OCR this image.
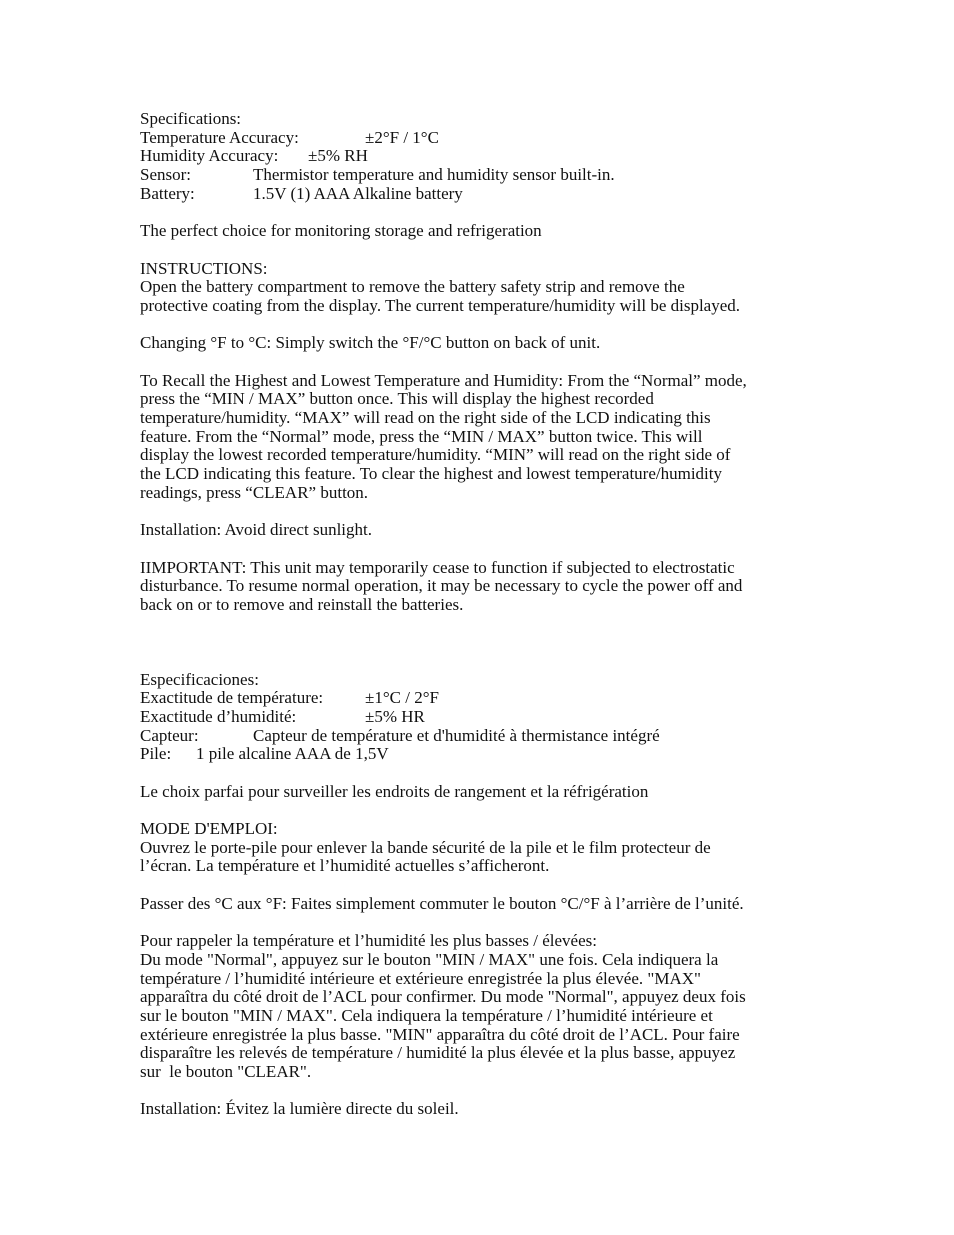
Specifications:
Temperature Accuracy:	±2°F / 1°C
Humidity Accuracy: ±5% RH
Sensor:	Thermistor temperature and humidity sensor built-in.
Battery:	1.5V (1) AAA Alkaline battery
The perfect choice for monitoring storage and refrigeration
INSTRUCTIONS:
Open the battery compartment to remove the battery safety strip and remove the
protective coating from the display. The current temperature/humidity will be displayed.
Changing °F to °C: Simply switch the °F/°C button on back of unit.
To Recall the Highest and Lowest Temperature and Humidity: From the “Normal” mode,
press the “MIN / MAX” button once. This will display the highest recorded
temperature/humidity. “MAX” will read on the right side of the LCD indicating this
feature. From the “Normal” mode, press the “MIN / MAX” button twice. This will
display the lowest recorded temperature/humidity. “MIN” will read on the right side of
the LCD indicating this feature. To clear the highest and lowest temperature/humidity
readings, press “CLEAR” button.
Installation: Avoid direct sunlight.
IIMPORTANT: This unit may temporarily cease to function if subjected to electrostatic
disturbance. To resume normal operation, it may be necessary to cycle the power off and
back on or to remove and reinstall the batteries.
Especificaciones:
Exactitude de température: ±1°C / 2°F
Exactitude d’humidité:	±5% HR
Capteur:	Capteur de température et d'humidité à thermistance intégré
Pile: 1 pile alcaline AAA de 1,5V
Le choix parfai pour surveiller les endroits de rangement et la réfrigération
MODE D'EMPLOI:
Ouvrez le porte-pile pour enlever la bande sécurité de la pile et le film protecteur de
l’écran. La température et l’humidité actuelles s’afficheront.
Passer des °C aux °F: Faites simplement commuter le bouton °C/°F à l’arrière de l’unité.
Pour rappeler la température et l’humidité les plus basses / élevées:
Du mode "Normal", appuyez sur le bouton "MIN / MAX" une fois. Cela indiquera la
température / l’humidité intérieure et extérieure enregistrée la plus élevée. "MAX"
apparaîtra du côté droit de l’ACL pour confirmer. Du mode "Normal", appuyez deux fois
sur le bouton "MIN / MAX". Cela indiquera la température / l’humidité intérieure et
extérieure enregistrée la plus basse. "MIN" apparaîtra du côté droit de l’ACL. Pour faire
disparaître les relevés de température / humidité la plus élevée et la plus basse, appuyez
sur  le bouton "CLEAR".
Installation: Évitez la lumière directe du soleil.
